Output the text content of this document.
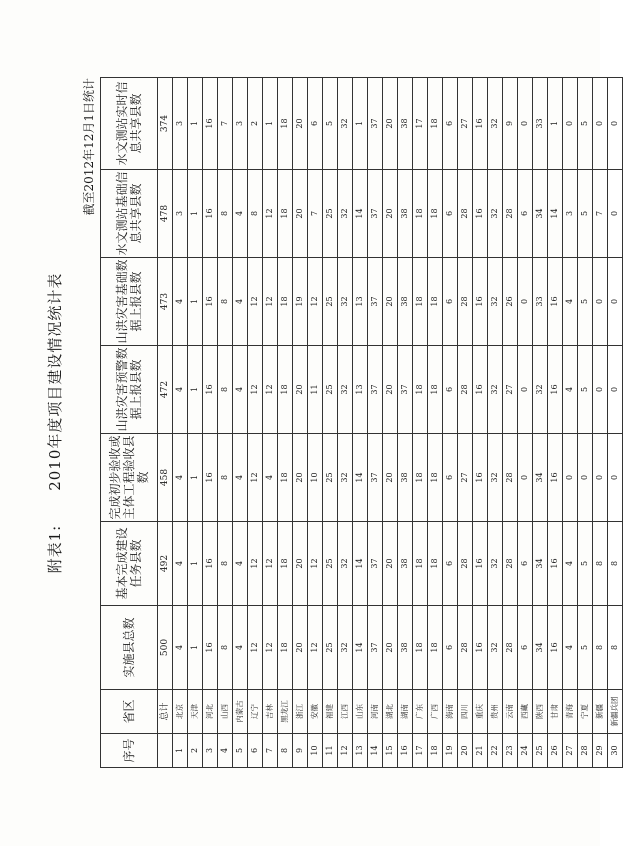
附表1:2010年度项目建设情况统计表
截至2012年12月1日统计
序号	省区	实施县总数	基本完成建设任务县数	完成初步验收或主体工程验收县数	山洪灾害预警数据上报县数	山洪灾害基础数据上报县数	水文测站基础信息共享县数	水文测站实时信息共享县数
	总计	500	492	458	472	473	478	374
1	北京	4	4	4	4	4	3	3
2	天津	1	1	1	1	1	1	1
3	河北	16	16	16	16	16	16	16
4	山西	8	8	8	8	8	8	7
5	内蒙古	4	4	4	4	4	4	3
6	辽宁	12	12	12	12	12	8	2
7	吉林	12	12	4	12	12	12	1
8	黑龙江	18	18	18	18	18	18	18
9	浙江	20	20	20	20	19	20	20
10	安徽	12	12	10	11	12	7	6
11	福建	25	25	25	25	25	25	5
12	江西	32	32	32	32	32	32	32
13	山东	14	14	14	13	13	14	1
14	河南	37	37	37	37	37	37	37
15	湖北	20	20	20	20	20	20	20
16	湖南	38	38	38	37	38	38	38
17	广东	18	18	18	18	18	18	17
18	广西	18	18	18	18	18	18	18
19	海南	6	6	6	6	6	6	6
20	四川	28	28	27	28	28	28	27
21	重庆	16	16	16	16	16	16	16
22	贵州	32	32	32	32	32	32	32
23	云南	28	28	28	27	26	28	9
24	西藏	6	6	0	0	0	6	0
25	陕西	34	34	34	32	33	34	33
26	甘肃	16	16	16	16	16	14	1
27	青海	4	4	0	4	4	3	0
28	宁夏	5	5	0	5	5	5	5
29	新疆	8	8	0	0	0	7	0
30	新疆兵团	8	8	0	0	0	0	0
